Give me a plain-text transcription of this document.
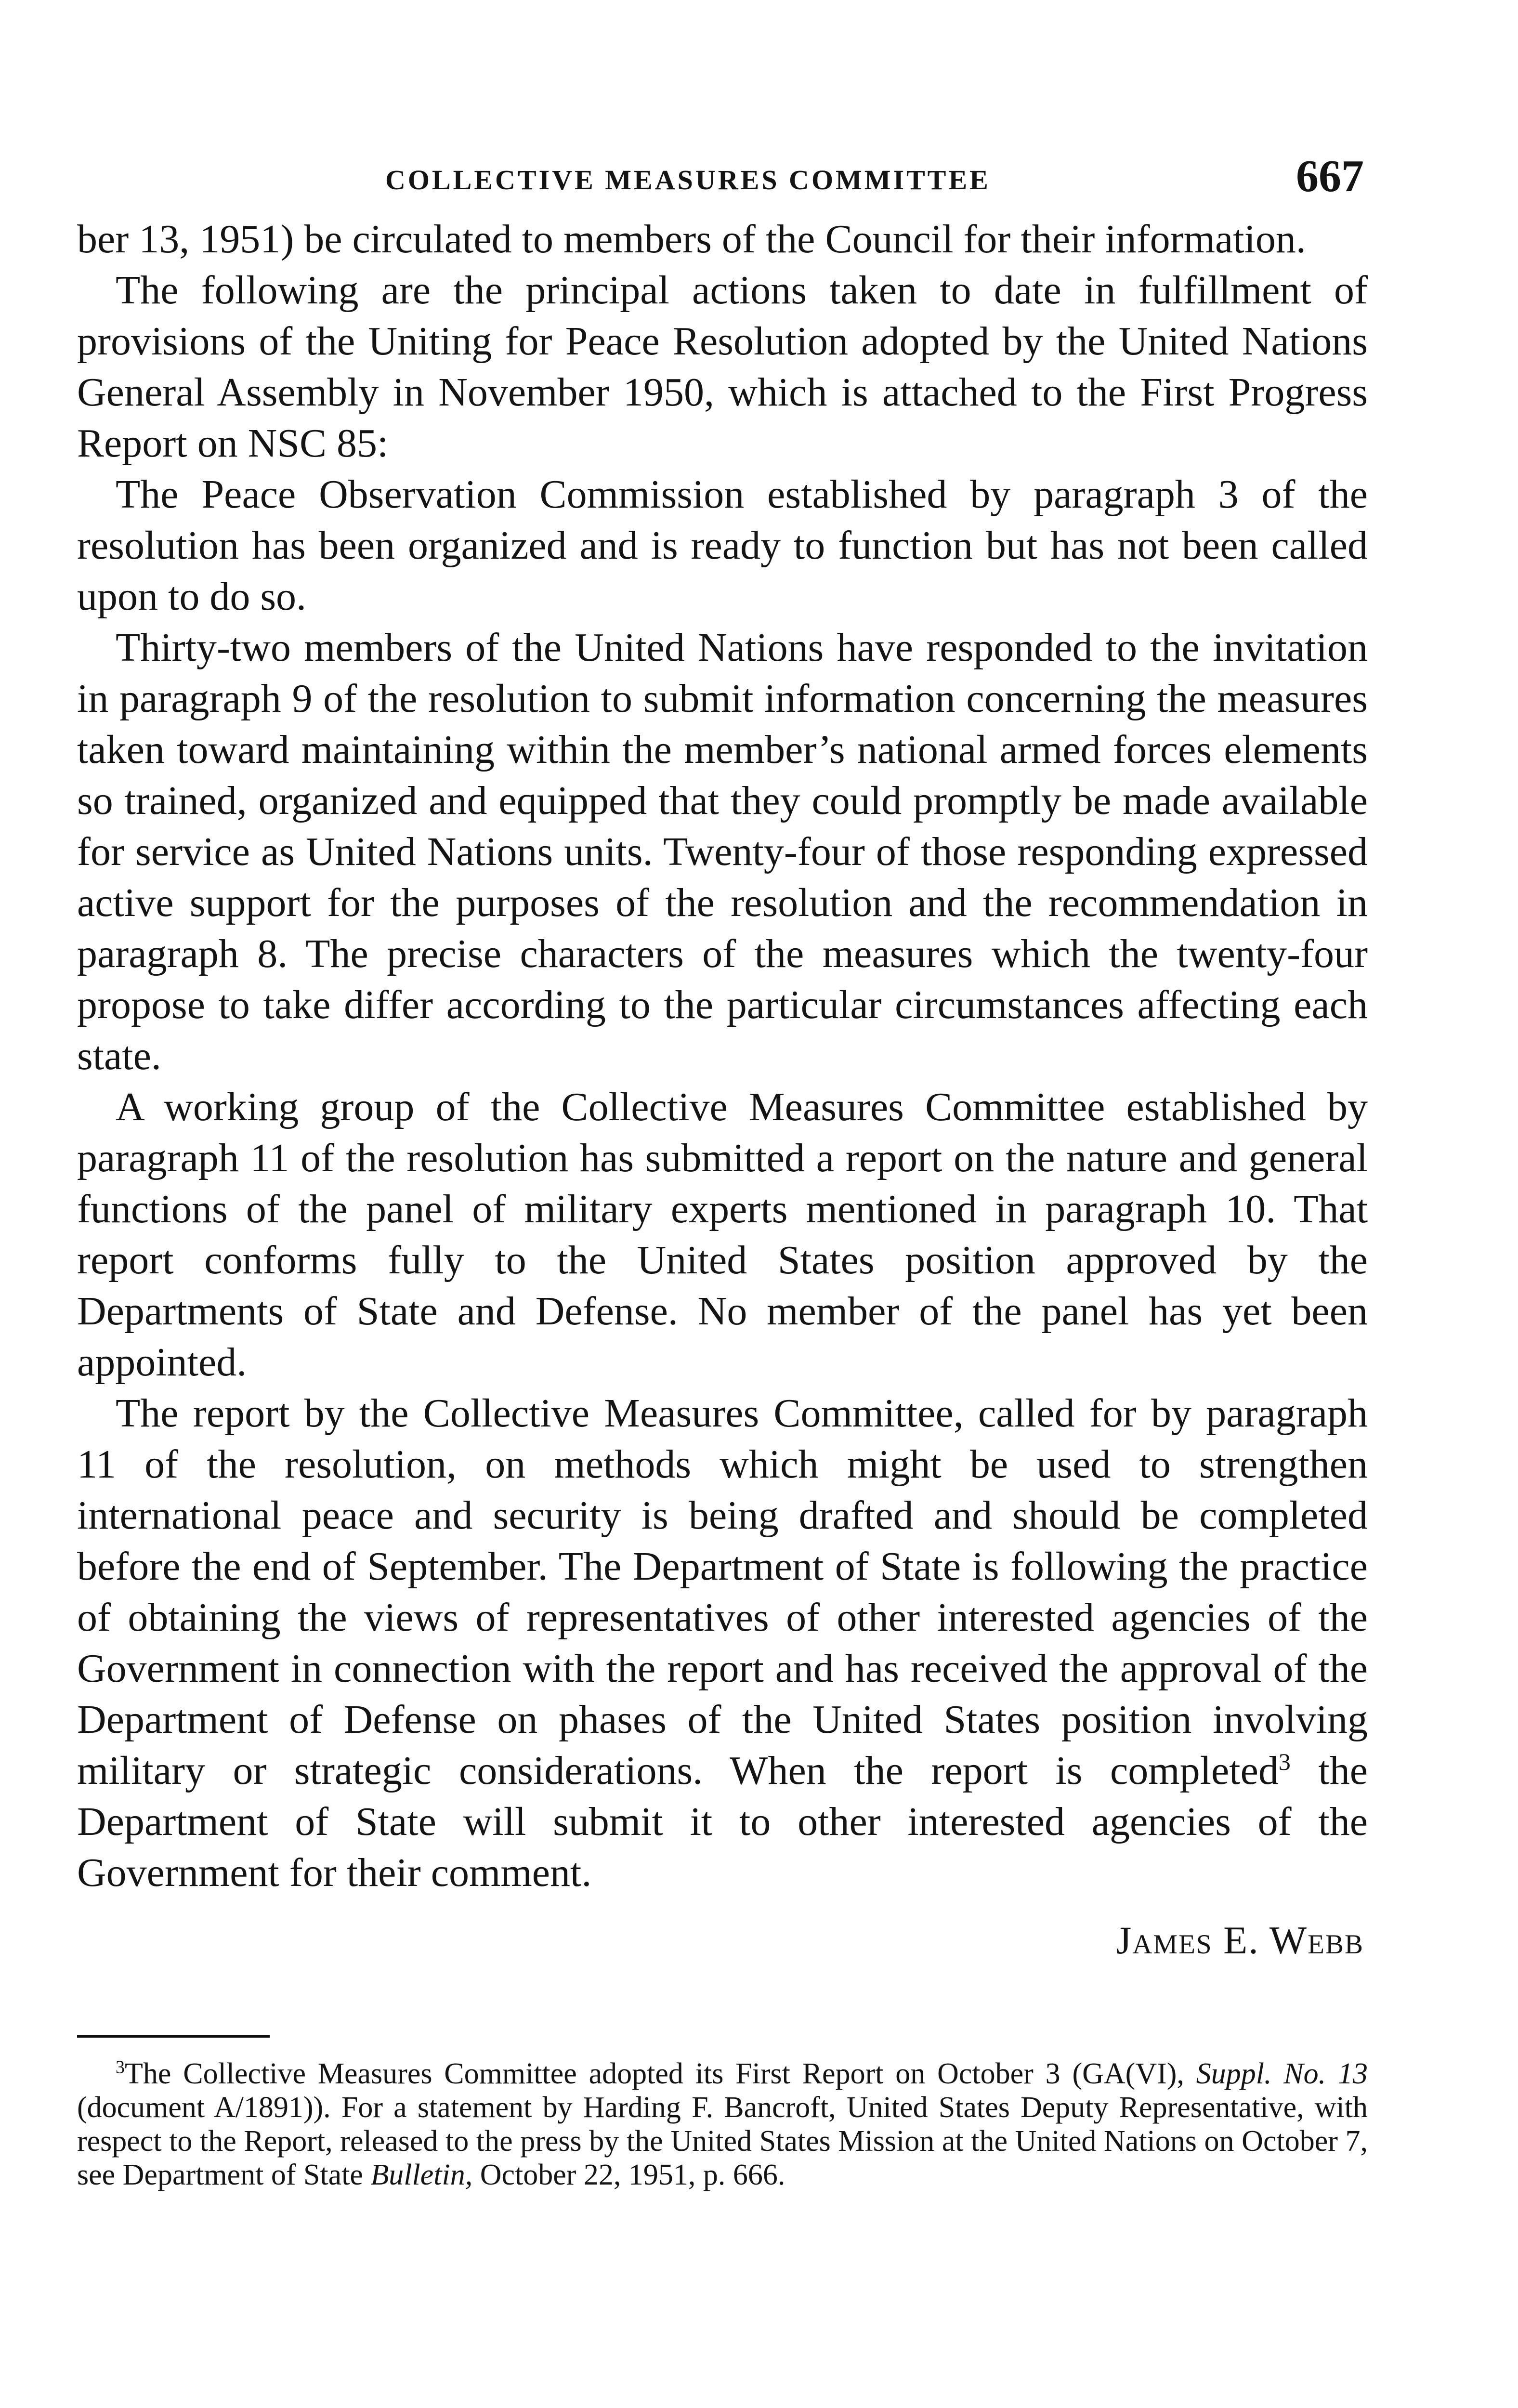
COLLECTIVE MEASURES COMMITTEE	667

ber 13, 1951) be circulated to members of the Council for their information.

The following are the principal actions taken to date in fulfillment of provisions of the Uniting for Peace Resolution adopted by the United Nations General Assembly in November 1950, which is attached to the First Progress Report on NSC 85:

The Peace Observation Commission established by paragraph 3 of the resolution has been organized and is ready to function but has not been called upon to do so.

Thirty-two members of the United Nations have responded to the invitation in paragraph 9 of the resolution to submit information concerning the measures taken toward maintaining within the member’s national armed forces elements so trained, organized and equipped that they could promptly be made available for service as United Nations units. Twenty-four of those responding expressed active support for the purposes of the resolution and the recommendation in paragraph 8. The precise characters of the measures which the twenty-four propose to take differ according to the particular circumstances affecting each state.

A working group of the Collective Measures Committee established by paragraph 11 of the resolution has submitted a report on the nature and general functions of the panel of military experts mentioned in paragraph 10. That report conforms fully to the United States position approved by the Departments of State and Defense. No member of the panel has yet been appointed.

The report by the Collective Measures Committee, called for by paragraph 11 of the resolution, on methods which might be used to strengthen international peace and security is being drafted and should be completed before the end of September. The Department of State is following the practice of obtaining the views of representatives of other interested agencies of the Government in connection with the report and has received the approval of the Department of Defense on phases of the United States position involving military or strategic considerations. When the report is completed$^3$ the Department of State will submit it to other interested agencies of the Government for their comment.

James E. Webb

$^3$The Collective Measures Committee adopted its First Report on October 3 (GA(VI), Suppl. No. 13 (document A/1891)). For a statement by Harding F. Bancroft, United States Deputy Representative, with respect to the Report, released to the press by the United States Mission at the United Nations on October 7, see Department of State Bulletin, October 22, 1951, p. 666.
